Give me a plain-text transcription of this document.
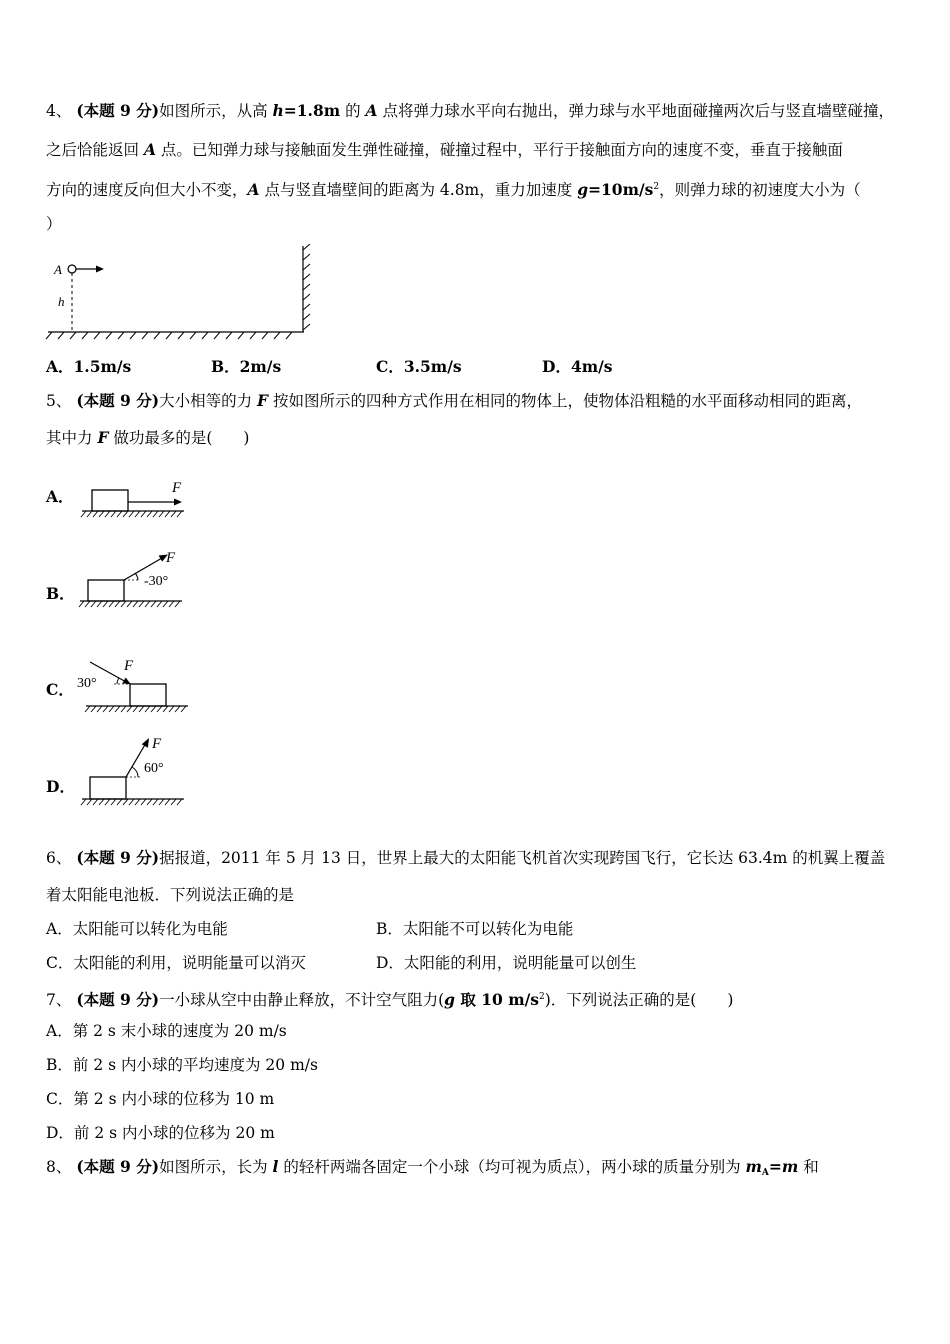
4、 (本题 9 分)如图所示，从高 h=1.8m 的 A 点将弹力球水平向右抛出，弹力球与水平地面碰撞两次后与竖直墙壁碰撞，
之后恰能返回 A 点。已知弹力球与接触面发生弹性碰撞，碰撞过程中，平行于接触面方向的速度不变，垂直于接触面
方向的速度反向但大小不变，A 点与竖直墙壁间的距离为 4.8m，重力加速度 $g=10m/s^2$，则弹力球的初速度大小为（
）
A
h
A．1.5m/s	B．2m/s	C．3.5m/s	D．4m/s
5、 (本题 9 分)大小相等的力 F 按如图所示的四种方式作用在相同的物体上，使物体沿粗糙的水平面移动相同的距离，
其中力 F 做功最多的是(　　)
A．	F
B．
F
-30°
C．
F
30°
D．
F
60°
6、 (本题 9 分)据报道，2011 年 5 月 13 日，世界上最大的太阳能飞机首次实现跨国飞行，它长达 63.4m 的机翼上覆盖
着太阳能电池板．下列说法正确的是
A．太阳能可以转化为电能	B．太阳能不可以转化为电能
C．太阳能的利用，说明能量可以消灭	D．太阳能的利用，说明能量可以创生
7、 (本题 9 分)一小球从空中由静止释放，不计空气阻力(g 取 10 $m/s^2$)．下列说法正确的是(　　)
A．第 2 s 末小球的速度为 20 m/s
B．前 2 s 内小球的平均速度为 20 m/s
C．第 2 s 内小球的位移为 10 m
D．前 2 s 内小球的位移为 20 m
8、 (本题 9 分)如图所示，长为 l 的轻杆两端各固定一个小球（均可视为质点），两小球的质量分别为 $m_A=m$ 和
